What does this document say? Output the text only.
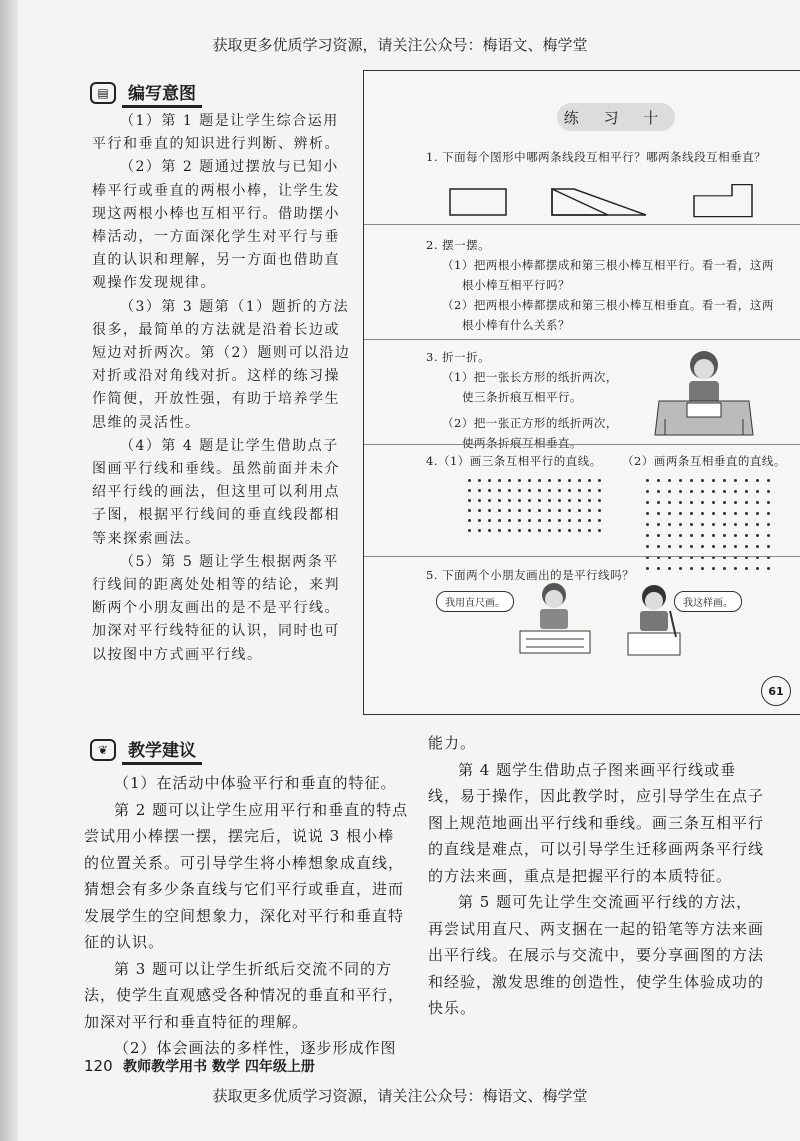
获取更多优质学习资源，请关注公众号：梅语文、梅学堂
▤	编写意图

（1）第 1 题是让学生综合运用平行和垂直的知识进行判断、辨析。

（2）第 2 题通过摆放与已知小棒平行或垂直的两根小棒，让学生发现这两根小棒也互相平行。借助摆小棒活动，一方面深化学生对平行与垂直的认识和理解，另一方面也借助直观操作发现规律。

（3）第 3 题第（1）题折的方法很多，最简单的方法就是沿着长边或短边对折两次。第（2）题则可以沿边对折或沿对角线对折。这样的练习操作简便，开放性强，有助于培养学生思维的灵活性。

（4）第 4 题是让学生借助点子图画平行线和垂线。虽然前面并未介绍平行线的画法，但这里可以利用点子图，根据平行线间的垂直线段都相等来探索画法。

（5）第 5 题让学生根据两条平行线间的距离处处相等的结论，来判断两个小朋友画出的是不是平行线。加深对平行线特征的认识，同时也可以按图中方式画平行线。

练 习 十
1. 下面每个图形中哪两条线段互相平行？哪两条线段互相垂直？
2. 摆一摆。
（1）把两根小棒都摆成和第三根小棒互相平行。看一看，这两
根小棒互相平行吗？
（2）把两根小棒都摆成和第三根小棒互相垂直。看一看，这两
根小棒有什么关系？
3. 折一折。
（1）把一张长方形的纸折两次，
使三条折痕互相平行。
（2）把一张正方形的纸折两次，
使两条折痕互相垂直。
4.（1）画三条互相平行的直线。 （2）画两条互相垂直的直线。
5. 下面两个小朋友画出的是平行线吗？
我用直尺画。	我这样画。
61
❦	教学建议

（1）在活动中体验平行和垂直的特征。

第 2 题可以让学生应用平行和垂直的特点尝试用小棒摆一摆，摆完后，说说 3 根小棒的位置关系。可引导学生将小棒想象成直线，猜想会有多少条直线与它们平行或垂直，进而发展学生的空间想象力，深化对平行和垂直特征的认识。

第 3 题可以让学生折纸后交流不同的方法，使学生直观感受各种情况的垂直和平行，加深对平行和垂直特征的理解。

（2）体会画法的多样性，逐步形成作图

能力。

第 4 题学生借助点子图来画平行线或垂线，易于操作，因此教学时，应引导学生在点子图上规范地画出平行线和垂线。画三条互相平行的直线是难点，可以引导学生迁移画两条平行线的方法来画，重点是把握平行的本质特征。

第 5 题可先让学生交流画平行线的方法，再尝试用直尺、两支捆在一起的铅笔等方法来画出平行线。在展示与交流中，要分享画图的方法和经验，激发思维的创造性，使学生体验成功的快乐。

120 教师教学用书 数学 四年级上册
获取更多优质学习资源，请关注公众号：梅语文、梅学堂
